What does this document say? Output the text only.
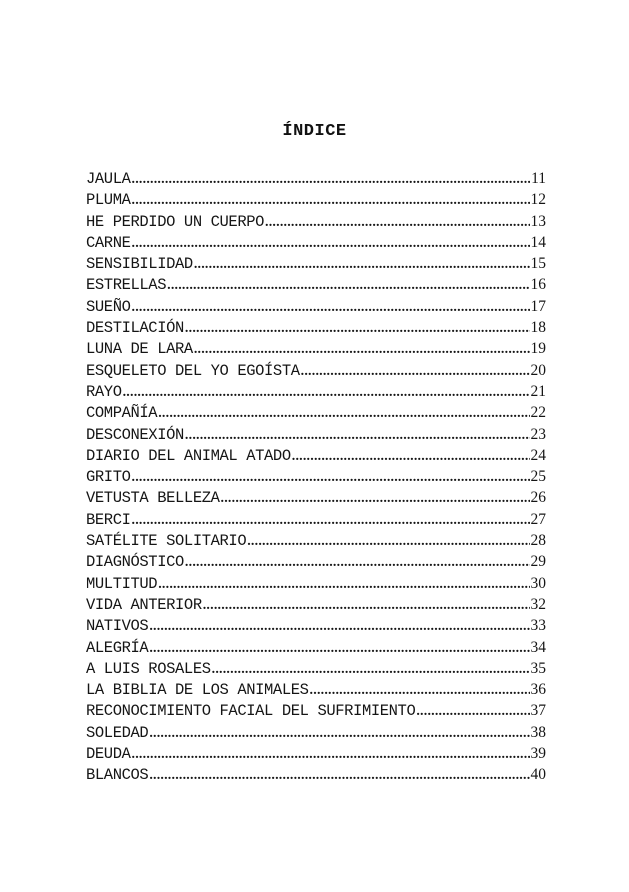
ÍNDICE
JAULA .....	11
PLUMA .....	12
HE PERDIDO UN CUERPO .....	13
CARNE .....	14
SENSIBILIDAD .....	15
ESTRELLAS .....	16
SUEÑO .....	17
DESTILACIÓN .....	18
LUNA DE LARA .....	19
ESQUELETO DEL YO EGOÍSTA .....	20
RAYO .....	21
COMPAÑÍA .....	22
DESCONEXIÓN .....	23
DIARIO DEL ANIMAL ATADO .....	24
GRITO .....	25
VETUSTA BELLEZA .....	26
BERCI .....	27
SATÉLITE SOLITARIO .....	28
DIAGNÓSTICO .....	29
MULTITUD .....	30
VIDA ANTERIOR .....	32
NATIVOS .....	33
ALEGRÍA .....	34
A LUIS ROSALES .....	35
LA BIBLIA DE LOS ANIMALES .....	36
RECONOCIMIENTO FACIAL DEL SUFRIMIENTO .....	37
SOLEDAD .....	38
DEUDA .....	39
BLANCOS .....	40
